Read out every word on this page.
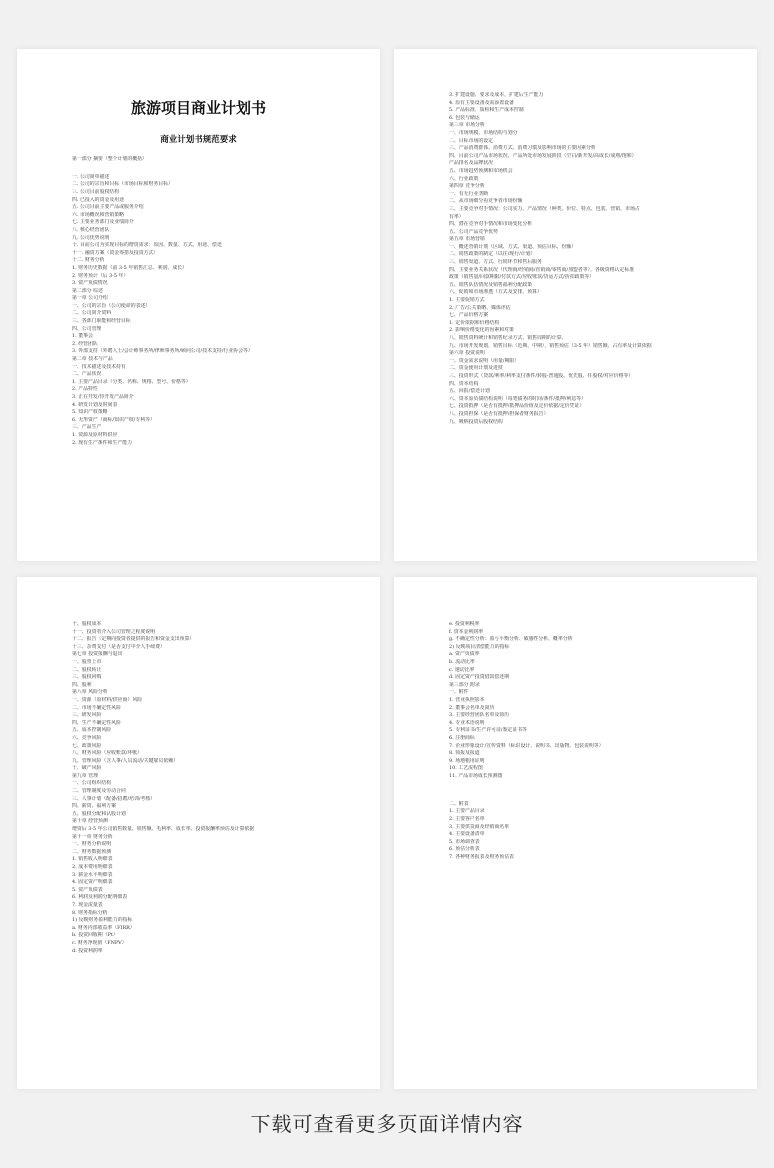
旅游项目商业计划书
商业计划书规范要求
第一部分 摘要（整个计划的概括）
一. 公司简单描述
二. 公司的宗旨和目标（市场目标和财务目标）
三. 公司目前股权结构
四. 已投入的资金及用途
五. 公司目前主要产品或服务介绍
六. 市场概况和营销策略
七. 主要业务部门及业绩简介
八. 核心经营团队
九. 公司优势说明
十. 目前公司为实现目标的增资需求：原因、数量、方式、用途、偿还
十一. 融资方案（资金筹措及投资方式）
十二. 财务分析
1. 财务历史数据（前 3-5 年销售汇总、利润、成长）
2. 财务预计（后 3-5 年）
3. 资产负债情况
第二部分 综述
第一章 公司介绍
一、公司的宗旨（公司使命的表述）
二、公司简介资料
三、各部门职能和经营目标
四、公司管理
1. 董事会
2. 经营团队
3. 外部支持（外聘人士/会计师事务所/律师事务所/顾问公司/技术支持/行业协会等）
第二章 技术与产品
一、技术描述及技术持有
二、产品状况
1. 主要产品目录（分类、名称、规格、型号、价格等）
2. 产品特性
3. 正在开发/待开发产品简介
4. 研发计划及时间表
5. 知识产权策略
6. 无形资产（商标/知识产权/专利等）
三、产品生产
1. 资源及原材料供应
2. 现有生产条件和生产能力
3. 扩建设施、要求及成本，扩建后生产能力
4. 原有主要设备及需添置设备
5. 产品标准、质检和生产成本控制
6. 包装与储运
第三章 市场分析
一、市场规模、市场结构与划分
二、目标市场的设定
三、产品消费群体、消费方式、消费习惯及影响市场的主要因素分析
四、目前公司产品市场状况，产品所处市场发展阶段（空白/新开发/高成长/成熟/饱和）
产品排名及品牌状况
五、市场趋势预测和市场机会
六、行业政策
第四章 竞争分析
一、有无行业垄断
二、从市场细分看竞争者市场份额
三、主要竞争对手情况：公司实力、产品情况（种类、价位、特点、包装、营销、市场占
有率）
四、潜在竞争对手情况和市场变化分析
五、公司产品竞争优势
第五章 市场营销
一、概述营销计划（区域、方式、渠道、预估目标、份额）
二、销售政策的制定（以往/现行/计划）
三、销售渠道、方式、行销环节和售后服务
四、主要业务关系状况（代理商/经销商/直销商/零售商/加盟者等），各级资格认定标准
政策（销售量/回款期限/付款方式/应收账款/货运方式/折扣政策等）
五、销售队伍情况及销售福利分配政策
六、促销和市场渗透（方式及安排、预算）
1. 主要促销方式
2. 广告/公关策略、媒体评估
七、产品价格方案
1. 定价依据和价格结构
2. 影响价格变化的因素和对策
八、销售资料统计和销售纪录方式，销售周期的计算。
九、市场开发规划，销售目标（近期、中期），销售预估（3-5 年）销售额、占有率及计算依据
第六章 投资说明
一、资金需求说明（用量/期限）
二、资金使用计划及进度
三、投资形式（贷款/利率/利率支付条件/转股-普通股、优先股、任股权/对应价格等）
四、资本结构
五、回报/偿还计划
六、资本原负债结构说明（每笔债务的时间/条件/抵押/利息等）
七、投资抵押（是否有抵押/抵押品价值及定价依据/定价凭证）
八、投资担保（是否有抵押/担保者财务报告）
九、吸纳投资后股权结构
十、股权成本
十一、投资者介入公司管理之程度说明
十二、报告（定期向投资者提供的报告和资金支出预算）
十三、杂费支付（是否支付中介人手续费）
第七章 投资报酬与退出
一、股票上市
二、股权转让
三、股权回购
四、股利
第八章 风险分析
一、资源（原材料/供应商）风险
二、市场不确定性风险
三、研发风险
四、生产不确定性风险
五、成本控制风险
六、竞争风险
七、政策风险
八、财务风险（应收账款/坏帐）
九、管理风险（含人事/人员流动/关键雇员依赖）
十、破产风险
第九章 管理
一、公司组织结构
二、管理制度及劳动合同
三、人事计划（配备/招聘/培训/考核）
四、薪资、福利方案
五、股权分配和认股计划
第十章 经营预测
增资后 3-5 年公司销售数量、销售额、毛利率、成长率、投资报酬率预估及计算依据
第十一章 财务分析
一、财务分析说明
二、财务数据预测
1. 销售收入明细表
2. 成本费用明细表
3. 薪金水平明细表
4. 固定资产明细表
5. 资产负债表
6. 利润及利润分配明细表
7. 现金流量表
8. 财务指标分析
1) 反映财务盈利能力的指标
a. 财务内部收益率（FIRR）
b. 投资回收期（Pt）
c. 财务净现值（FNPV）
d. 投资利润率
e. 投资利税率
f. 资本金利润率
g. 不确定性分析：盈亏平衡分析、敏感性分析、概率分析
2) 反映项目清偿能力的指标
a. 资产负债率
b. 流动比率
c. 速动比率
d. 固定资产投资借款偿还期
第三部分 附录
一、附件
1. 营业执照影本
2. 董事会名单及简历
3. 主要经营团队名单及简历
4. 专业术语说明
5. 专利证书/生产许可证/鉴定证书等
6. 注册商标
7. 企业形象设计/宣传资料（标识设计、说明书、出版物、包装说明等）
8. 简报及报道
9. 场地租用证明
10. 工艺流程图
11. 产品市场成长预测图
二、附表
1. 主要产品目录
2. 主要客户名单
3. 主要供货商及经销商名单
4. 主要设备清单
5. 市场调查表
6. 预估分析表
7. 各种财务报表及财务预估表
下载可查看更多页面详情内容
